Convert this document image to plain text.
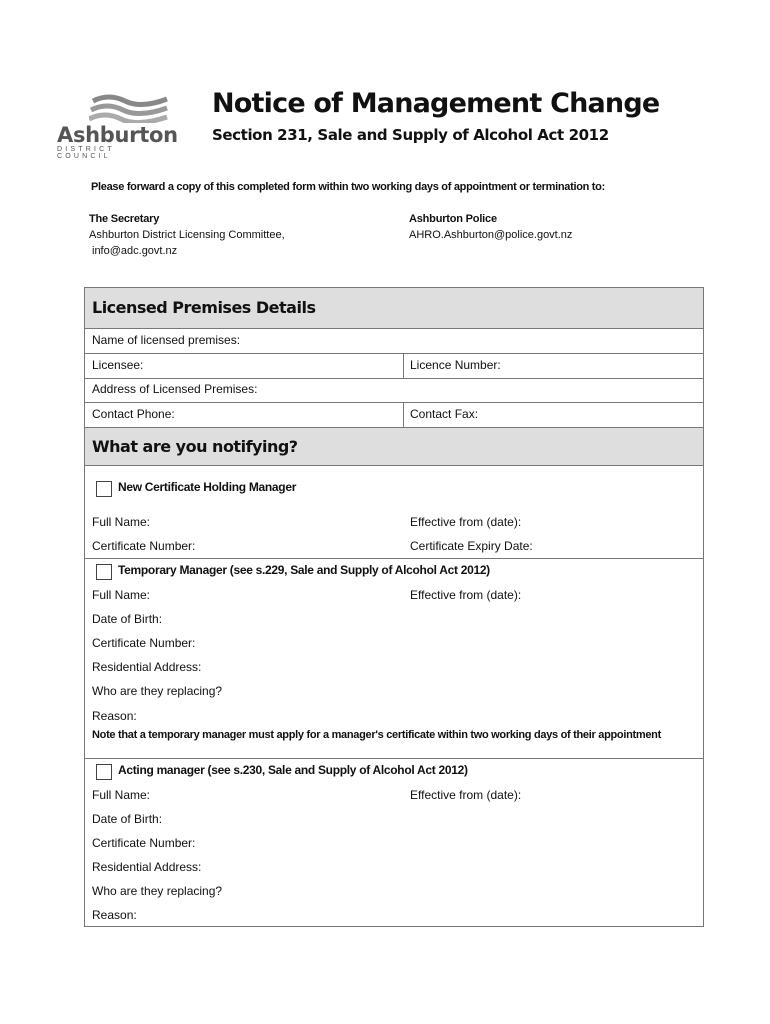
Ashburton
DISTRICT COUNCIL
Notice of Management Change
Section 231, Sale and Supply of Alcohol Act 2012
Please forward a copy of this completed form within two working days of appointment or termination to:
The Secretary
Ashburton District Licensing Committee,
info@adc.govt.nz
Ashburton Police
AHRO.Ashburton@police.govt.nz
Licensed Premises Details
Name of licensed premises:
Licensee:	Licence Number:
Address of Licensed Premises:
Contact Phone:	Contact Fax:
What are you notifying?
New Certificate Holding Manager
Full Name:	Effective from (date):
Certificate Number:	Certificate Expiry Date:
Temporary Manager (see s.229, Sale and Supply of Alcohol Act 2012)
Full Name:	Effective from (date):
Date of Birth:
Certificate Number:
Residential Address:
Who are they replacing?
Reason:
Note that a temporary manager must apply for a manager's certificate within two working days of their appointment
Acting manager (see s.230, Sale and Supply of Alcohol Act 2012)
Full Name:	Effective from (date):
Date of Birth:
Certificate Number:
Residential Address:
Who are they replacing?
Reason:
